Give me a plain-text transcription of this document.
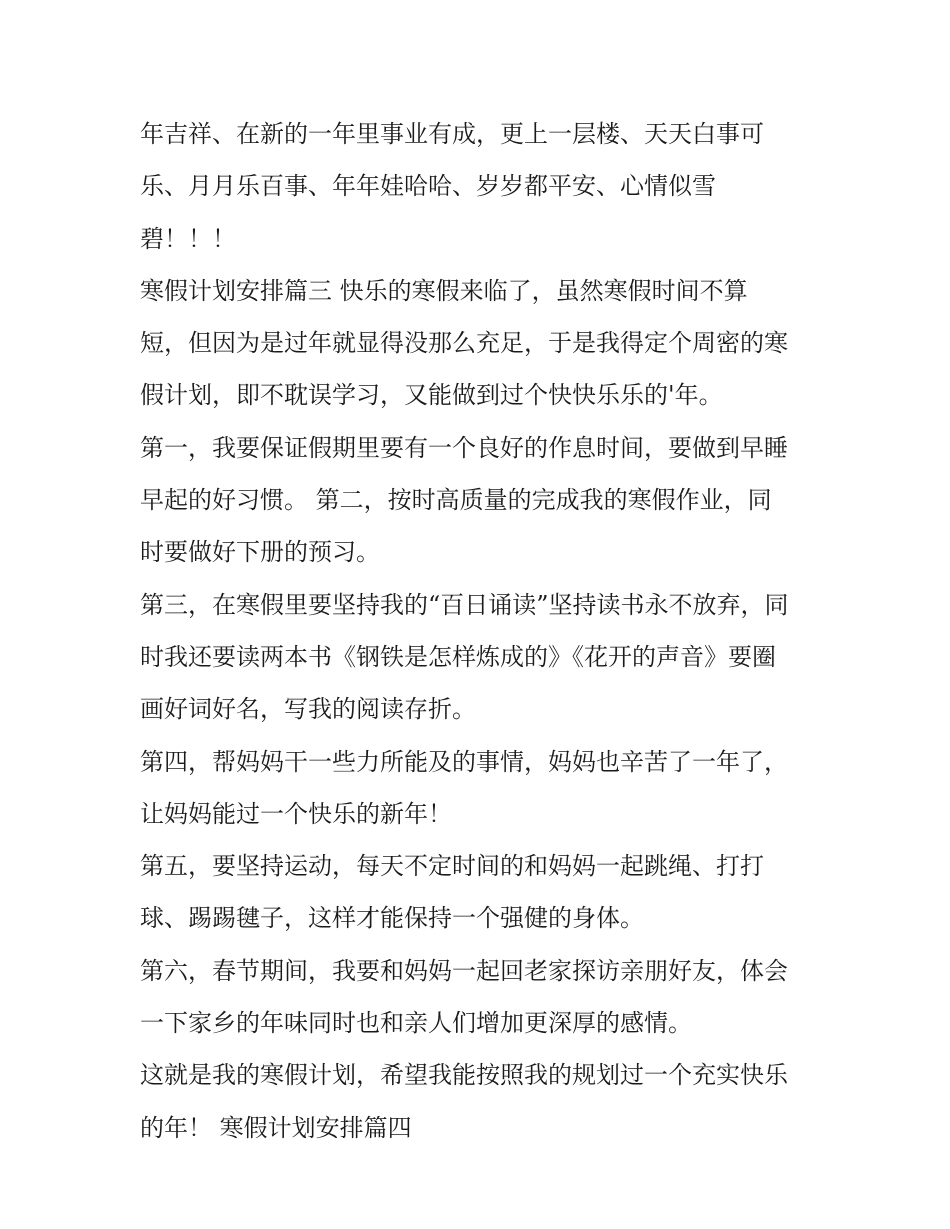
年吉祥、在新的一年里事业有成，更上一层楼、天天白事可
乐、月月乐百事、年年娃哈哈、岁岁都平安、心情似雪
碧！！！
寒假计划安排篇三 快乐的寒假来临了，虽然寒假时间不算
短，但因为是过年就显得没那么充足，于是我得定个周密的寒
假计划，即不耽误学习，又能做到过个快快乐乐的'年。
第一，我要保证假期里要有一个良好的作息时间，要做到早睡
早起的好习惯。 第二，按时高质量的完成我的寒假作业，同
时要做好下册的预习。
第三，在寒假里要坚持我的“百日诵读”坚持读书永不放弃，同
时我还要读两本书《钢铁是怎样炼成的》《花开的声音》要圈
画好词好名，写我的阅读存折。
第四，帮妈妈干一些力所能及的事情，妈妈也辛苦了一年了，
让妈妈能过一个快乐的新年！
第五，要坚持运动，每天不定时间的和妈妈一起跳绳、打打
球、踢踢毽子，这样才能保持一个强健的身体。
第六，春节期间，我要和妈妈一起回老家探访亲朋好友，体会
一下家乡的年味同时也和亲人们增加更深厚的感情。
这就是我的寒假计划，希望我能按照我的规划过一个充实快乐
的年！ 寒假计划安排篇四
